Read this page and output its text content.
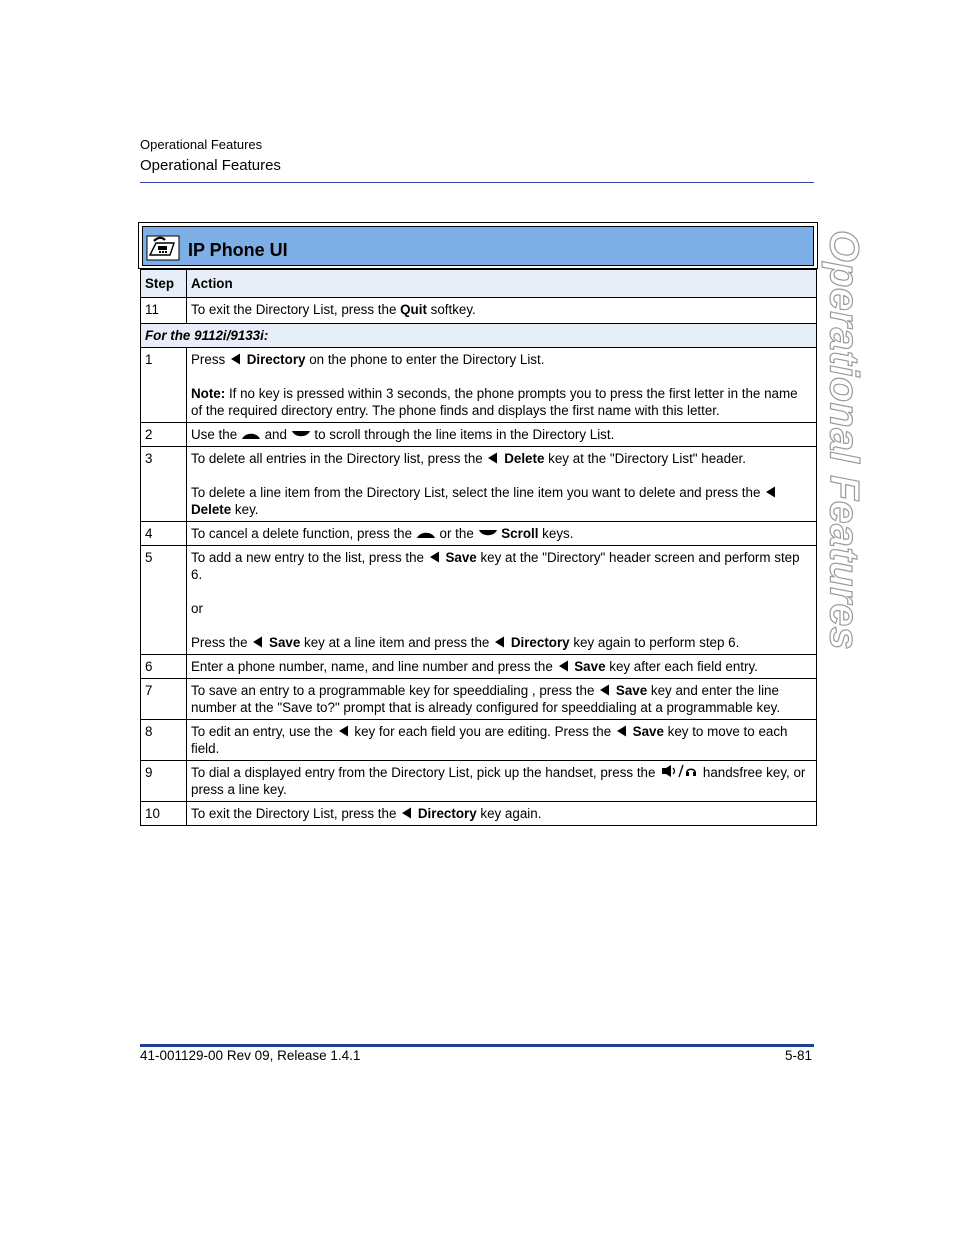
Operational Features
Operational Features
Operational Features
IP Phone UI
Step	Action
11	To exit the Directory List, press the Quit softkey.
For the 9112i/9133i:	
1	Press  Directory on the phone to enter the Directory List.

Note: If no key is pressed within 3 seconds, the phone prompts you to press the first letter in the name of the required directory entry. The phone finds and displays the first name with this letter.

2	Use the  and  to scroll through the line items in the Directory List.
3	To delete all entries in the Directory list, press the  Delete key at the "Directory List" header.

To delete a line item from the Directory List, select the line item you want to delete and press the  Delete key.

4	To cancel a delete function, press the  or the  Scroll keys.
5	To add a new entry to the list, press the  Save key at the "Directory" header screen and perform step 6.

or

Press the  Save key at a line item and press the  Directory key again to perform step 6.

6	Enter a phone number, name, and line number and press the  Save key after each field entry.
7	To save an entry to a programmable key for speeddialing , press the  Save key and enter the line number at the "Save to?" prompt that is already configured for speeddialing at a programmable key.
8	To edit an entry, use the  key for each field you are editing. Press the  Save key to move to each field.
9	To dial a displayed entry from the Directory List, pick up the handset, press the handsfree key, or press a line key.
10	To exit the Directory List, press the  Directory key again.
41-001129-00 Rev 09, Release 1.4.1	5-81
